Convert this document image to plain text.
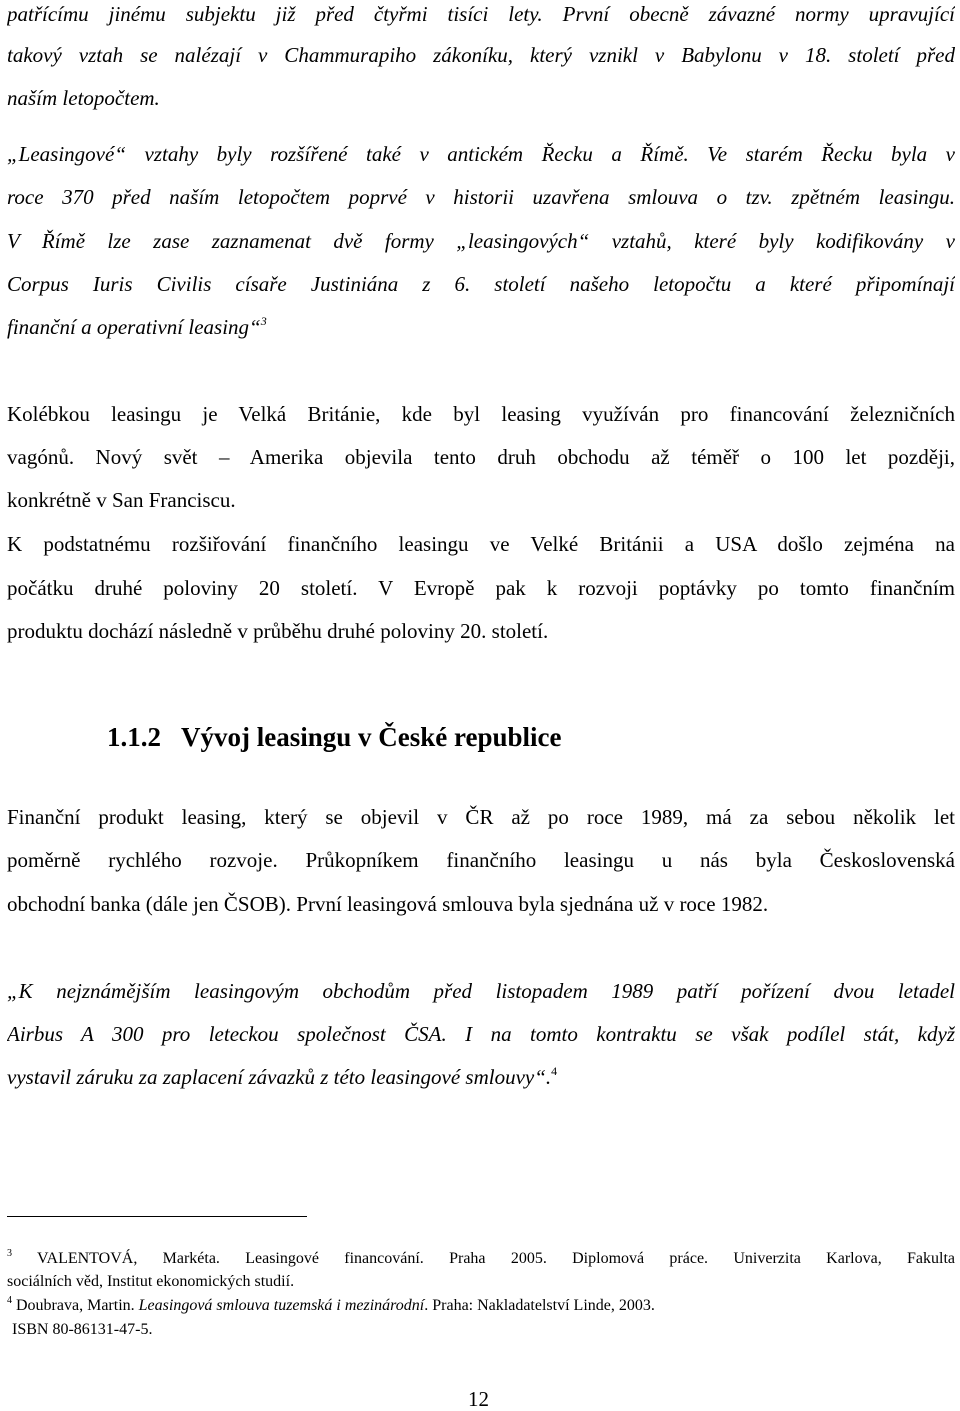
patřícímu jinému subjektu již před čtyřmi tisíci lety. První obecně závazné normy upravující
takový vztah se nalézají v Chammurapiho zákoníku, který vznikl v Babylonu v 18. století před
naším letopočtem.
„Leasingové“ vztahy byly rozšířené také v antickém Řecku a Římě. Ve starém Řecku byla v
roce 370 před naším letopočtem poprvé v historii uzavřena smlouva o tzv. zpětném leasingu.
V Římě lze zase zaznamenat dvě formy „leasingových“ vztahů, které byly kodifikovány v
Corpus Iuris Civilis císaře Justiniána z 6. století našeho letopočtu a které připomínají
finanční a operativní leasing“$^3$
Kolébkou leasingu je Velká Británie, kde byl leasing využíván pro financování železničních
vagónů. Nový svět – Amerika objevila tento druh obchodu až téměř o 100 let později,
konkrétně v San Franciscu.
K podstatnému rozšiřování finančního leasingu ve Velké Británii a USA došlo zejména na
počátku druhé poloviny 20 století. V Evropě pak k rozvoji poptávky po tomto finančním
produktu dochází následně v průběhu druhé poloviny 20. století.
1.1.2 Vývoj leasingu v České republice
Finanční produkt leasing, který se objevil v ČR až po roce 1989, má za sebou několik let
poměrně rychlého rozvoje. Průkopníkem finančního leasingu u nás byla Československá
obchodní banka (dále jen ČSOB). První leasingová smlouva byla sjednána už v roce 1982.
„K nejznámějším leasingovým obchodům před listopadem 1989 patří pořízení dvou letadel
Airbus A 300 pro leteckou společnost ČSA. I na tomto kontraktu se však podílel stát, když
vystavil záruku za zaplacení závazků z této leasingové smlouvy“.$^4$
$^3$ VALENTOVÁ, Markéta. Leasingové financování. Praha 2005. Diplomová práce. Univerzita Karlova, Fakulta
sociálních věd, Institut ekonomických studií.
$^4$ Doubrava, Martin. Leasingová smlouva tuzemská i mezinárodní. Praha: Nakladatelství Linde, 2003.
ISBN 80-86131-47-5.
12
